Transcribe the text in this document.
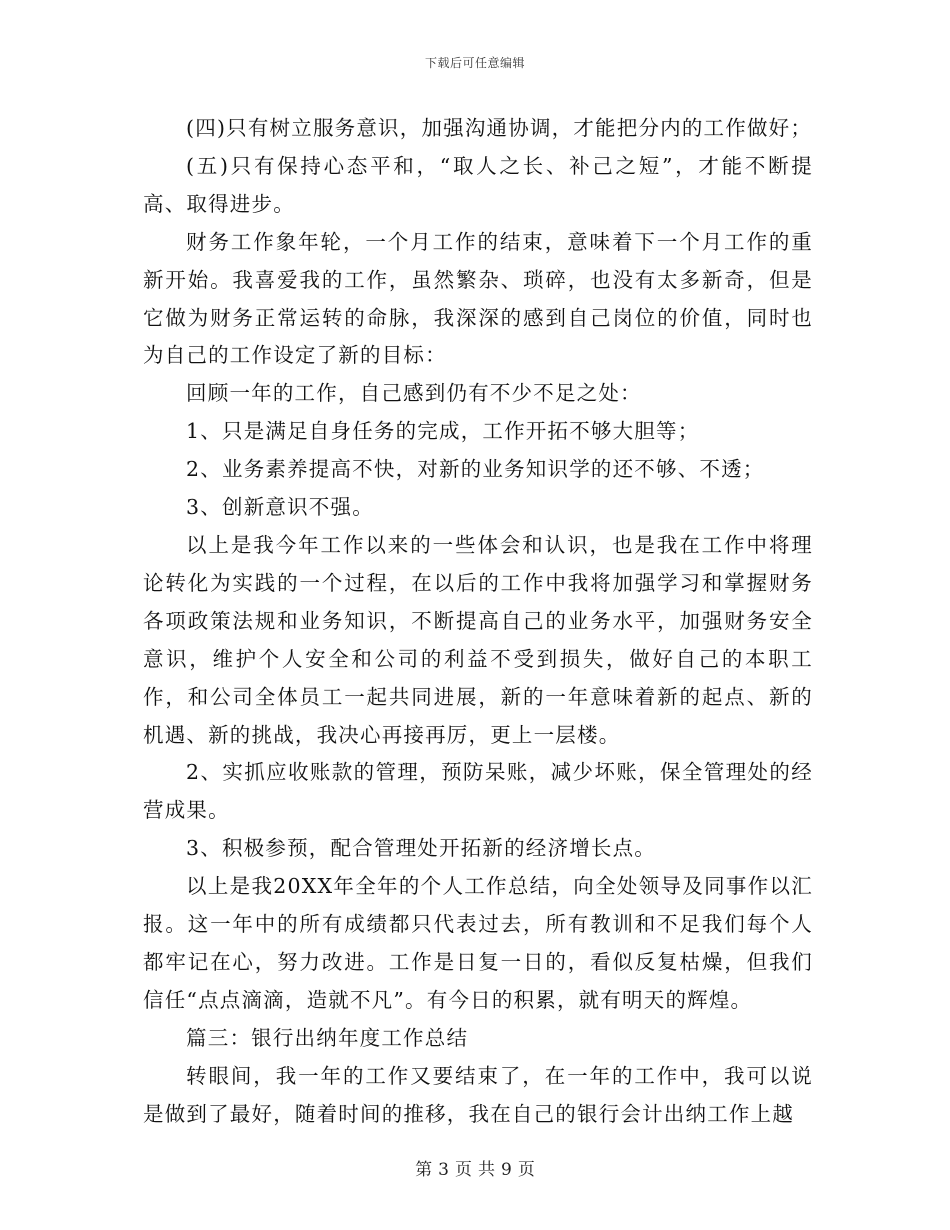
下载后可任意编辑

(四)只有树立服务意识，加强沟通协调，才能把分内的工作做好；

(五)只有保持心态平和，“取人之长、补己之短”，才能不断提高、取得进步。

财务工作象年轮，一个月工作的结束，意味着下一个月工作的重新开始。我喜爱我的工作，虽然繁杂、琐碎，也没有太多新奇，但是它做为财务正常运转的命脉，我深深的感到自己岗位的价值，同时也为自己的工作设定了新的目标：

回顾一年的工作，自己感到仍有不少不足之处：

1、只是满足自身任务的完成，工作开拓不够大胆等；

2、业务素养提高不快，对新的业务知识学的还不够、不透；

3、创新意识不强。

以上是我今年工作以来的一些体会和认识，也是我在工作中将理论转化为实践的一个过程，在以后的工作中我将加强学习和掌握财务各项政策法规和业务知识，不断提高自己的业务水平，加强财务安全意识，维护个人安全和公司的利益不受到损失，做好自己的本职工作，和公司全体员工一起共同进展，新的一年意味着新的起点、新的机遇、新的挑战，我决心再接再厉，更上一层楼。

2、实抓应收账款的管理，预防呆账，减少坏账，保全管理处的经营成果。

3、积极参预，配合管理处开拓新的经济增长点。

以上是我20XX年全年的个人工作总结，向全处领导及同事作以汇报。这一年中的所有成绩都只代表过去，所有教训和不足我们每个人都牢记在心，努力改进。工作是日复一日的，看似反复枯燥，但我们信任“点点滴滴，造就不凡”。有今日的积累，就有明天的辉煌。

篇三：银行出纳年度工作总结

转眼间，我一年的工作又要结束了，在一年的工作中，我可以说是做到了最好，随着时间的推移，我在自己的银行会计出纳工作上越

第 3 页 共 9 页
